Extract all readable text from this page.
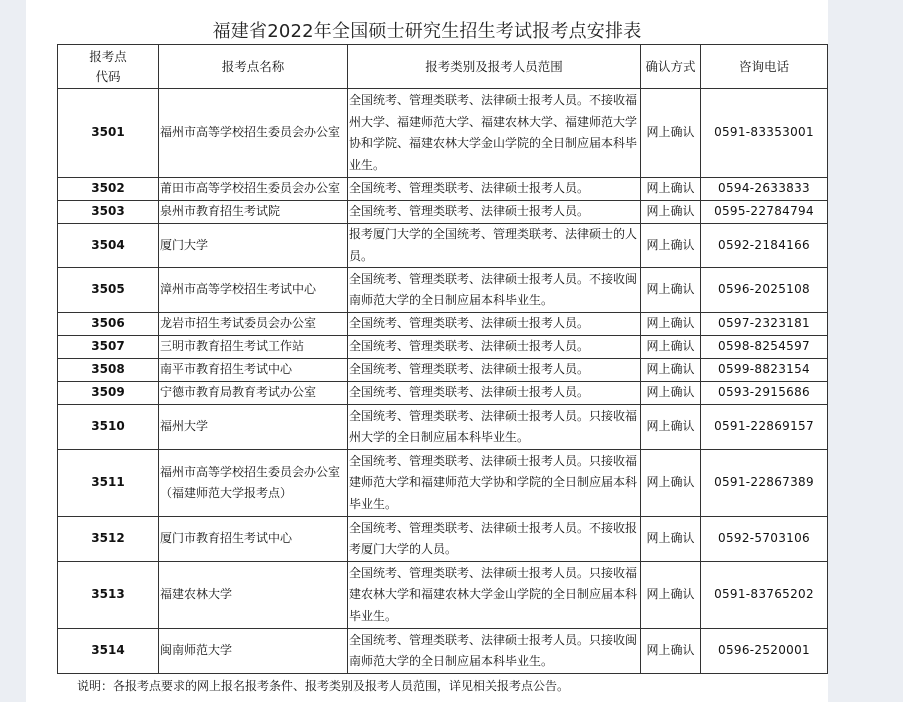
福建省2022年全国硕士研究生招生考试报考点安排表
报考点
代码	报考点名称	报考类别及报考人员范围	确认方式	咨询电话
3501	福州市高等学校招生委员会办公室	全国统考、管理类联考、法律硕士报考人员。不接收福州大学、福建师范大学、福建农林大学、福建师范大学协和学院、福建农林大学金山学院的全日制应届本科毕业生。	网上确认	0591-83353001
3502	莆田市高等学校招生委员会办公室	全国统考、管理类联考、法律硕士报考人员。	网上确认	0594-2633833
3503	泉州市教育招生考试院	全国统考、管理类联考、法律硕士报考人员。	网上确认	0595-22784794
3504	厦门大学	报考厦门大学的全国统考、管理类联考、法律硕士的人员。	网上确认	0592-2184166
3505	漳州市高等学校招生考试中心	全国统考、管理类联考、法律硕士报考人员。不接收闽南师范大学的全日制应届本科毕业生。	网上确认	0596-2025108
3506	龙岩市招生考试委员会办公室	全国统考、管理类联考、法律硕士报考人员。	网上确认	0597-2323181
3507	三明市教育招生考试工作站	全国统考、管理类联考、法律硕士报考人员。	网上确认	0598-8254597
3508	南平市教育招生考试中心	全国统考、管理类联考、法律硕士报考人员。	网上确认	0599-8823154
3509	宁德市教育局教育考试办公室	全国统考、管理类联考、法律硕士报考人员。	网上确认	0593-2915686
3510	福州大学	全国统考、管理类联考、法律硕士报考人员。只接收福州大学的全日制应届本科毕业生。	网上确认	0591-22869157
3511	福州市高等学校招生委员会办公室（福建师范大学报考点）	全国统考、管理类联考、法律硕士报考人员。只接收福建师范大学和福建师范大学协和学院的全日制应届本科毕业生。	网上确认	0591-22867389
3512	厦门市教育招生考试中心	全国统考、管理类联考、法律硕士报考人员。不接收报考厦门大学的人员。	网上确认	0592-5703106
3513	福建农林大学	全国统考、管理类联考、法律硕士报考人员。只接收福建农林大学和福建农林大学金山学院的全日制应届本科毕业生。	网上确认	0591-83765202
3514	闽南师范大学	全国统考、管理类联考、法律硕士报考人员。只接收闽南师范大学的全日制应届本科毕业生。	网上确认	0596-2520001
说明：各报考点要求的网上报名报考条件、报考类别及报考人员范围，详见相关报考点公告。
